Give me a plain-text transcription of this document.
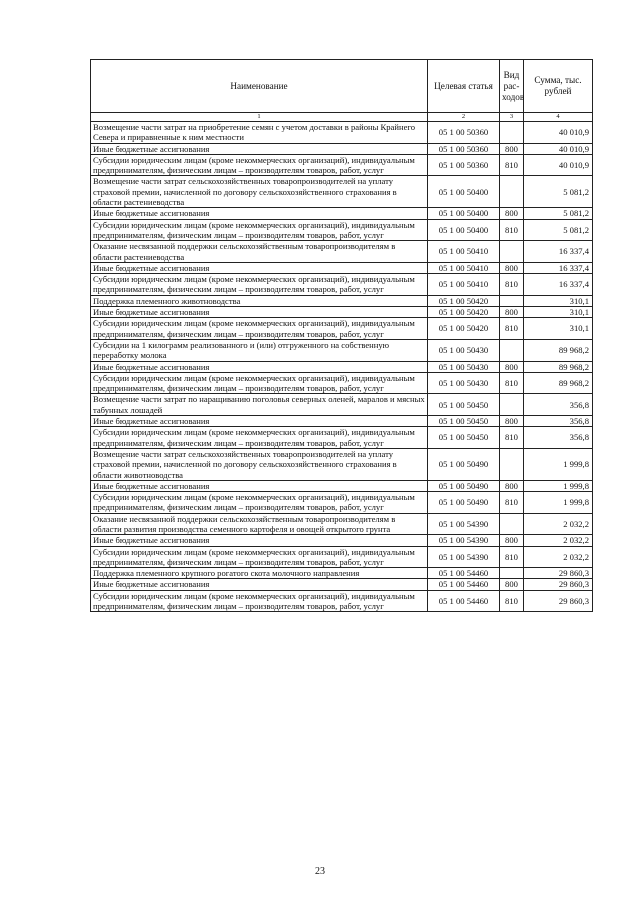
Наименование	Целевая статья	Вид рас-ходов	Сумма, тыс. рублей
1	2	3	4
Возмещение части затрат на приобретение семян с учетом доставки в районы Крайнего Севера и приравненные к ним местности	05 1 00 50360		40 010,9
Иные бюджетные ассигнования	05 1 00 50360	800	40 010,9
Субсидии юридическим лицам (кроме некоммерческих организаций), индивидуальным предпринимателям, физическим лицам – производителям товаров, работ, услуг	05 1 00 50360	810	40 010,9
Возмещение части затрат сельскохозяйственных товаропроизводителей на уплату страховой премии, начисленной по договору сельскохозяйственного страхования в области растениеводства	05 1 00 50400		5 081,2
Иные бюджетные ассигнования	05 1 00 50400	800	5 081,2
Субсидии юридическим лицам (кроме некоммерческих организаций), индивидуальным предпринимателям, физическим лицам – производителям товаров, работ, услуг	05 1 00 50400	810	5 081,2
Оказание несвязанной поддержки сельскохозяйственным товаропроизводителям в области растениеводства	05 1 00 50410		16 337,4
Иные бюджетные ассигнования	05 1 00 50410	800	16 337,4
Субсидии юридическим лицам (кроме некоммерческих организаций), индивидуальным предпринимателям, физическим лицам – производителям товаров, работ, услуг	05 1 00 50410	810	16 337,4
Поддержка племенного животноводства	05 1 00 50420		310,1
Иные бюджетные ассигнования	05 1 00 50420	800	310,1
Субсидии юридическим лицам (кроме некоммерческих организаций), индивидуальным предпринимателям, физическим лицам – производителям товаров, работ, услуг	05 1 00 50420	810	310,1
Субсидии на 1 килограмм реализованного и (или) отгруженного на собственную переработку молока	05 1 00 50430		89 968,2
Иные бюджетные ассигнования	05 1 00 50430	800	89 968,2
Субсидии юридическим лицам (кроме некоммерческих организаций), индивидуальным предпринимателям, физическим лицам – производителям товаров, работ, услуг	05 1 00 50430	810	89 968,2
Возмещение части затрат по наращиванию поголовья северных оленей, маралов и мясных табунных лошадей	05 1 00 50450		356,8
Иные бюджетные ассигнования	05 1 00 50450	800	356,8
Субсидии юридическим лицам (кроме некоммерческих организаций), индивидуальным предпринимателям, физическим лицам – производителям товаров, работ, услуг	05 1 00 50450	810	356,8
Возмещение части затрат сельскохозяйственных товаропроизводителей на уплату страховой премии, начисленной по договору сельскохозяйственного страхования в области животноводства	05 1 00 50490		1 999,8
Иные бюджетные ассигнования	05 1 00 50490	800	1 999,8
Субсидии юридическим лицам (кроме некоммерческих организаций), индивидуальным предпринимателям, физическим лицам – производителям товаров, работ, услуг	05 1 00 50490	810	1 999,8
Оказание несвязанной поддержки сельскохозяйственным товаропроизводителям в области развития производства семенного картофеля и овощей открытого грунта	05 1 00 54390		2 032,2
Иные бюджетные ассигнования	05 1 00 54390	800	2 032,2
Субсидии юридическим лицам (кроме некоммерческих организаций), индивидуальным предпринимателям, физическим лицам – производителям товаров, работ, услуг	05 1 00 54390	810	2 032,2
Поддержка племенного крупного рогатого скота молочного направления	05 1 00 54460		29 860,3
Иные бюджетные ассигнования	05 1 00 54460	800	29 860,3
Субсидии юридическим лицам (кроме некоммерческих организаций), индивидуальным предпринимателям, физическим лицам – производителям товаров, работ, услуг	05 1 00 54460	810	29 860,3
23
